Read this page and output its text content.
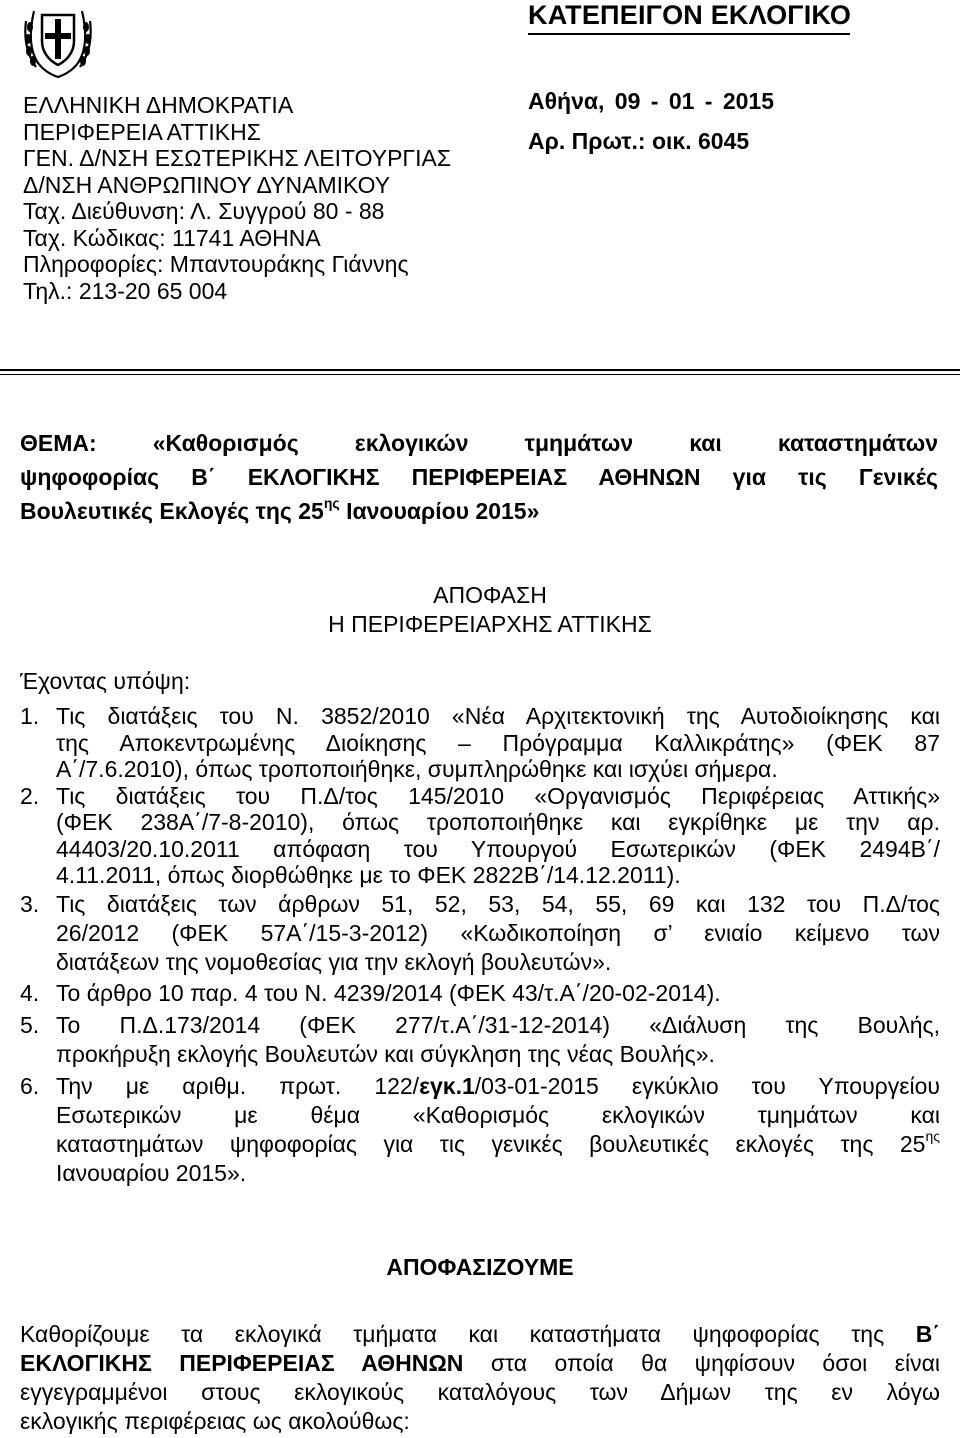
ΕΛΛΗΝΙΚΗ ΔΗΜΟΚΡΑΤΙΑ
ΠΕΡΙΦΕΡΕΙΑ ΑΤΤΙΚΗΣ
ΓΕΝ. Δ/ΝΣΗ ΕΣΩΤΕΡΙΚΗΣ ΛΕΙΤΟΥΡΓΙΑΣ
Δ/ΝΣΗ ΑΝΘΡΩΠΙΝΟΥ ΔΥΝΑΜΙΚΟΥ
Ταχ. Διεύθυνση: Λ. Συγγρού 80 - 88
Ταχ. Κώδικας: 11741 ΑΘΗΝΑ
Πληροφορίες: Μπαντουράκης Γιάννης
Τηλ.: 213-20 65 004
ΚΑΤΕΠΕΙΓΟΝ ΕΚΛΟΓΙΚΟ
Αθήνα, 09 - 01 - 2015
Αρ. Πρωτ.: οικ. 6045
ΘΕΜΑ: «Καθορισμός εκλογικών τμημάτων και καταστημάτων
ψηφοφορίας Β΄ ΕΚΛΟΓΙΚΗΣ ΠΕΡΙΦΕΡΕΙΑΣ ΑΘΗΝΩΝ για τις Γενικές
Βουλευτικές Εκλογές της $25^{\eta\varsigma}$ Ιανουαρίου 2015»
ΑΠΟΦΑΣΗ
Η ΠΕΡΙΦΕΡΕΙΑΡΧΗΣ ΑΤΤΙΚΗΣ
Έχοντας υπόψη:
1. Τις διατάξεις του Ν. 3852/2010 «Νέα Αρχιτεκτονική της Αυτοδιοίκησης και
της Αποκεντρωμένης Διοίκησης – Πρόγραμμα Καλλικράτης» (ΦΕΚ 87
Α΄/7.6.2010), όπως τροποποιήθηκε, συμπληρώθηκε και ισχύει σήμερα.
2. Τις διατάξεις του Π.Δ/τος 145/2010 «Οργανισμός Περιφέρειας Αττικής»
(ΦΕΚ 238Α΄/7-8-2010), όπως τροποποιήθηκε και εγκρίθηκε με την αρ.
44403/20.10.2011 απόφαση του Υπουργού Εσωτερικών (ΦΕΚ 2494Β΄/
4.11.2011, όπως διορθώθηκε με το ΦΕΚ 2822Β΄/14.12.2011).
3. Τις διατάξεις των άρθρων 51, 52, 53, 54, 55, 69 και 132 του Π.Δ/τος
26/2012 (ΦΕΚ 57Α΄/15-3-2012) «Κωδικοποίηση σ’ ενιαίο κείμενο των
διατάξεων της νομοθεσίας για την εκλογή βουλευτών».
4. Το άρθρο 10 παρ. 4 του Ν. 4239/2014 (ΦΕΚ 43/τ.Α΄/20-02-2014).
5. Το Π.Δ.173/2014 (ΦΕΚ 277/τ.Α΄/31-12-2014) «Διάλυση της Βουλής,
προκήρυξη εκλογής Βουλευτών και σύγκληση της νέας Βουλής».
6. Την με αριθμ. πρωτ. 122/εγκ.1/03-01-2015 εγκύκλιο του Υπουργείου
Εσωτερικών με θέμα «Καθορισμός εκλογικών τμημάτων και
καταστημάτων ψηφοφορίας για τις γενικές βουλευτικές εκλογές της $25^{\eta\varsigma}$
Ιανουαρίου 2015».
ΑΠΟΦΑΣΙΖΟΥΜΕ
Καθορίζουμε τα εκλογικά τμήματα και καταστήματα ψηφοφορίας της Β΄
ΕΚΛΟΓΙΚΗΣ ΠΕΡΙΦΕΡΕΙΑΣ ΑΘΗΝΩΝ στα οποία θα ψηφίσουν όσοι είναι
εγγεγραμμένοι στους εκλογικούς καταλόγους των Δήμων της εν λόγω
εκλογικής περιφέρειας ως ακολούθως:
